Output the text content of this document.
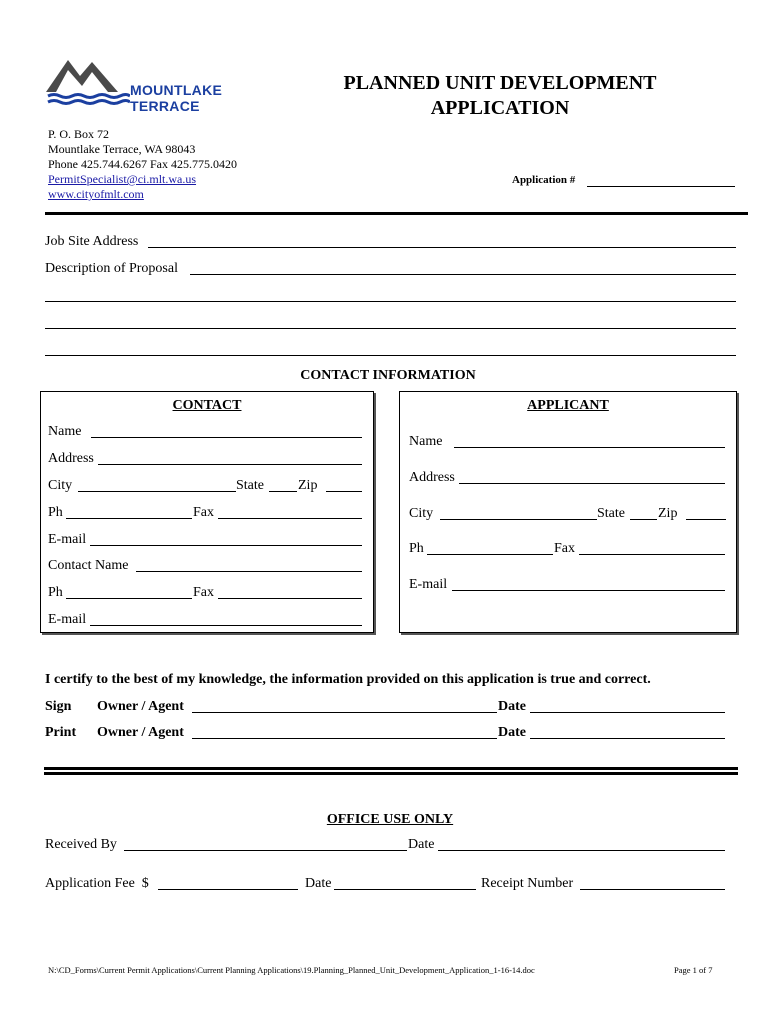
MOUNTLAKE
TERRACE
PLANNED UNIT DEVELOPMENT
APPLICATION
P. O. Box 72
Mountlake Terrace, WA 98043
Phone 425.744.6267 Fax 425.775.0420
PermitSpecialist@ci.mlt.wa.us
www.cityofmlt.com
Application #
Job Site Address
Description of Proposal
CONTACT INFORMATION
CONTACT
Name
Address
City	State Zip
Ph	Fax
E-mail
Contact Name
Ph	Fax
E-mail
APPLICANT
Name
Address
City	State Zip
Ph	Fax
E-mail
I certify to the best of my knowledge, the information provided on this application is true and correct.
Sign Owner / Agent	Date
Print Owner / Agent	Date
OFFICE USE ONLY
Received By	Date
Application Fee  $	Date	Receipt Number
N:\CD_Forms\Current Permit Applications\Current Planning Applications\19.Planning_Planned_Unit_Development_Application_1-16-14.doc	Page 1 of 7
